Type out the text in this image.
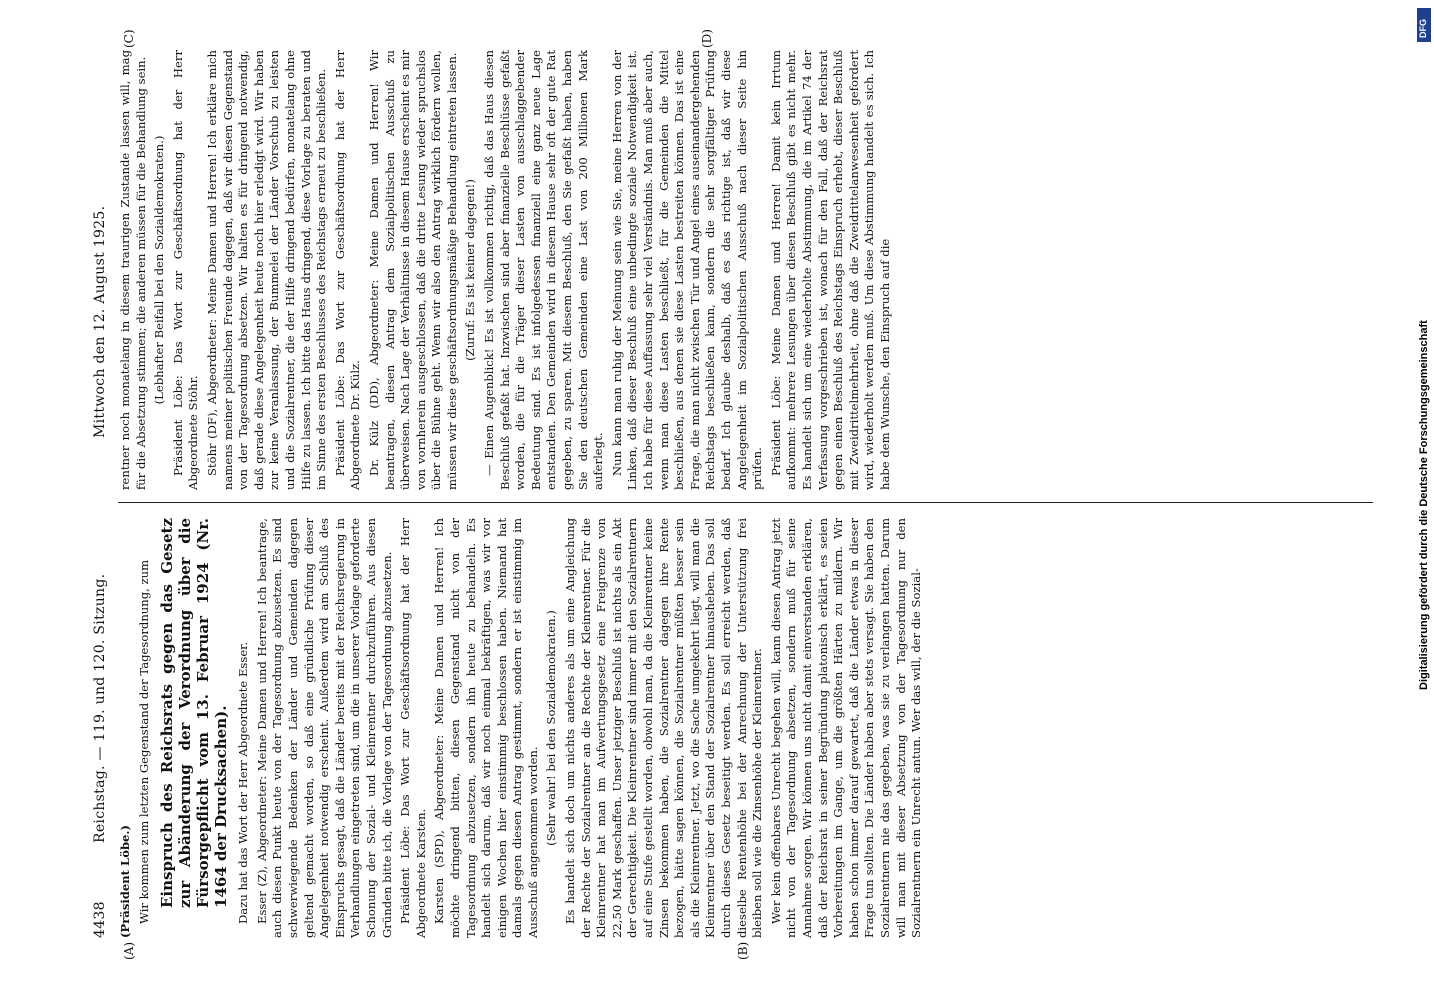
4438
Reichstag. — 119. und 120. Sitzung.
Mittwoch den 12. August 1925.
(A)	(B)
(C)	(D)

(Präsident Löbe.) Wir kommen zum letzten Gegenstand der Tagesordnung, zum Einspruch des Reichsrats gegen das Gesetz zur Abänderung der Verordnung über die Fürsorgepflicht vom 13. Februar 1924 (Nr. 1464 der Drucksachen). Dazu hat das Wort der Herr Abgeordnete Esser. Esser (Z), Abgeordneter: Meine Damen und Herren! Ich beantrage, auch diesen Punkt heute von der Tagesordnung abzusetzen. Es sind schwerwiegende Bedenken der Länder und Gemeinden dagegen geltend gemacht worden, so daß eine gründliche Prüfung dieser Angelegenheit notwendig erscheint. Außerdem wird am Schluß des Einspruchs gesagt, daß die Länder bereits mit der Reichsregierung in Verhandlungen eingetreten sind, um die in unserer Vorlage geforderte Schonung der Sozial- und Kleinrentner durchzuführen. Aus diesen Gründen bitte ich, die Vorlage von der Tagesordnung abzusetzen. Präsident Löbe: Das Wort zur Geschäftsordnung hat der Herr Abgeordnete Karsten. Karsten (SPD), Abgeordneter: Meine Damen und Herren! Ich möchte dringend bitten, diesen Gegenstand nicht von der Tagesordnung abzusetzen, sondern ihn heute zu behandeln. Es handelt sich darum, daß wir noch einmal bekräftigen, was wir vor einigen Wochen hier einstimmig beschlossen haben. Niemand hat damals gegen diesen Antrag gestimmt, sondern er ist einstimmig im Ausschuß angenommen worden. (Sehr wahr! bei den Sozialdemokraten.) Es handelt sich doch um nichts anderes als um eine Angleichung der Rechte der Sozialrentner an die Rechte der Kleinrentner. Für die Kleinrentner hat man im Aufwertungsgesetz eine Freigrenze von 22,50 Mark geschaffen. Unser jetziger Beschluß ist nichts als ein Akt der Gerechtigkeit. Die Kleinrentner sind immer mit den Sozialrentnern auf eine Stufe gestellt worden, obwohl man, da die Kleinrentner keine Zinsen bekommen haben, die Sozialrentner dagegen ihre Rente bezogen, hätte sagen können, die Sozialrentner müßten besser sein als die Kleinrentner. Jetzt, wo die Sache umgekehrt liegt, will man die Kleinrentner über den Stand der Sozialrentner hinausheben. Das soll durch dieses Gesetz beseitigt werden. Es soll erreicht werden, daß dieselbe Rentenhöhe bei der Anrechnung der Unterstützung frei bleiben soll wie die Zinsenhöhe der Kleinrentner. Wer kein offenbares Unrecht begehen will, kann diesen Antrag jetzt nicht von der Tagesordnung absetzen, sondern muß für seine Annahme sorgen. Wir können uns nicht damit einverstanden erklären, daß der Reichsrat in seiner Begründung platonisch erklärt, es seien Vorbereitungen im Gange, um die größten Härten zu mildern. Wir haben schon immer darauf gewartet, daß die Länder etwas in dieser Frage tun sollten. Die Länder haben aber stets versagt. Sie haben den Sozialrentnern nie das gegeben, was sie zu verlangen hatten. Darum will man mit dieser Absetzung von der Tagesordnung nur den Sozialrentnern ein Unrecht antun. Wer das will, der die Sozial-

rentner noch monatelang in diesem traurigen Zustande lassen will, mag für die Absetzung stimmen; die anderen müssen für die Behandlung sein. (Lebhafter Beifall bei den Sozialdemokraten.) Präsident Löbe: Das Wort zur Geschäftsordnung hat der Herr Abgeordnete Stöhr. Stöhr (DF), Abgeordneter: Meine Damen und Herren! Ich erkläre mich namens meiner politischen Freunde dagegen, daß wir diesen Gegenstand von der Tagesordnung absetzen. Wir halten es für dringend notwendig, daß gerade diese Angelegenheit heute noch hier erledigt wird. Wir haben zur keine Veranlassung, der Bummelei der Länder Vorschub zu leisten und die Sozialrentner, die der Hilfe dringend bedürfen, monatelang ohne Hilfe zu lassen. Ich bitte das Haus dringend, diese Vorlage zu beraten und im Sinne des ersten Beschlusses des Reichstags erneut zu beschließen. Präsident Löbe: Das Wort zur Geschäftsordnung hat der Herr Abgeordnete Dr. Külz. Dr. Külz (DD), Abgeordneter: Meine Damen und Herren! Wir beantragen, diesen Antrag dem Sozialpolitischen Ausschuß zu überweisen. Nach Lage der Verhältnisse in diesem Hause erscheint es mir von vornherein ausgeschlossen, daß die dritte Lesung wieder spruchslos über die Bühne geht. Wenn wir also den Antrag wirklich fördern wollen, müssen wir diese geschäftsordnungsmäßige Behandlung eintreten lassen. (Zuruf: Es ist keiner dagegen!) — Einen Augenblick! Es ist vollkommen richtig, daß das Haus diesen Beschluß gefaßt hat. Inzwischen sind aber finanzielle Beschlüsse gefaßt worden, die für die Träger dieser Lasten von ausschlaggebender Bedeutung sind. Es ist infolgedessen finanziell eine ganz neue Lage entstanden. Den Gemeinden wird in diesem Hause sehr oft der gute Rat gegeben, zu sparen. Mit diesem Beschluß, den Sie gefaßt haben, haben Sie den deutschen Gemeinden eine Last von 200 Millionen Mark auferlegt. Nun kann man ruhig der Meinung sein wie Sie, meine Herren von der Linken, daß dieser Beschluß eine unbedingte soziale Notwendigkeit ist. Ich habe für diese Auffassung sehr viel Verständnis. Man muß aber auch, wenn man diese Lasten beschließt, für die Gemeinden die Mittel beschließen, aus denen sie diese Lasten bestreiten können. Das ist eine Frage, die man nicht zwischen Tür und Angel eines auseinandergehenden Reichstags beschließen kann, sondern die sehr sorgfältiger Prüfung bedarf. Ich glaube deshalb, daß es das richtige ist, daß wir diese Angelegenheit im Sozialpolitischen Ausschuß nach dieser Seite hin prüfen. Präsident Löbe: Meine Damen und Herren! Damit kein Irrtum aufkommt: mehrere Lesungen über diesen Beschluß gibt es nicht mehr. Es handelt sich um eine wiederholte Abstimmung, die im Artikel 74 der Verfassung vorgeschrieben ist, wonach für den Fall, daß der Reichsrat gegen einen Beschluß des Reichstags Einspruch erhebt, dieser Beschluß mit Zweidrittelmehrheit, ohne daß die Zweidrittelanwesenheit gefordert wird, wiederholt werden muß. Um diese Abstimmung handelt es sich. Ich habe dem Wunsche, den Einspruch auf die

DFG
Digitalisierung gefördert durch die Deutsche Forschungsgemeinschaft
